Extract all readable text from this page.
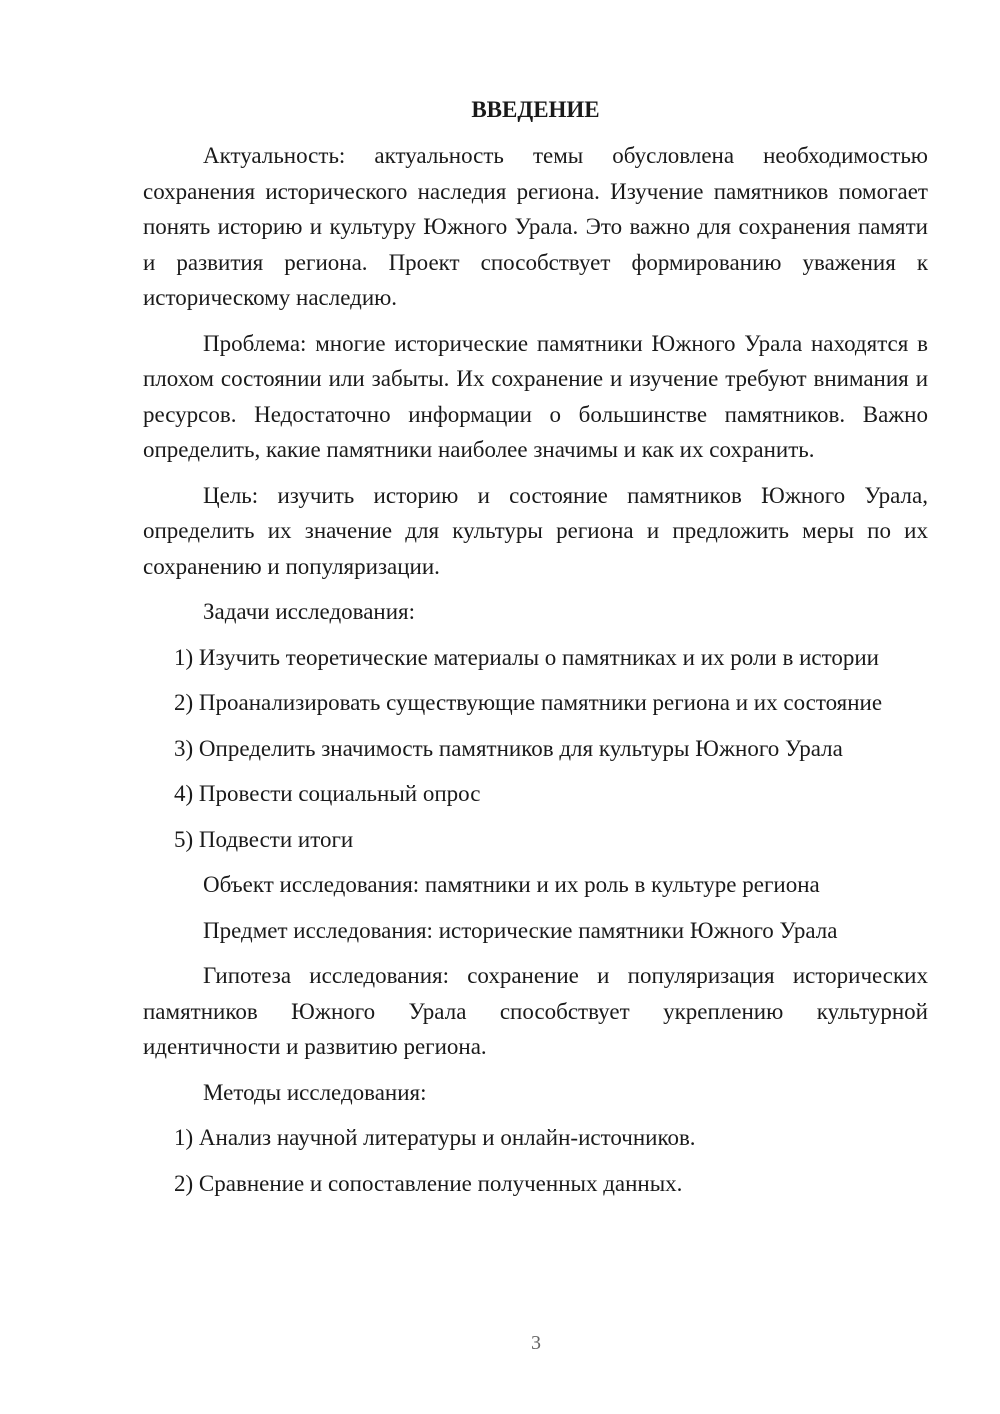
ВВЕДЕНИЕ

Актуальность: актуальность темы обусловлена необходимостью сохранения исторического наследия региона. Изучение памятников помогает понять историю и культуру Южного Урала. Это важно для сохранения памяти и развития региона. Проект способствует формированию уважения к историческому наследию.

Проблема: многие исторические памятники Южного Урала находятся в плохом состоянии или забыты. Их сохранение и изучение требуют внимания и ресурсов. Недостаточно информации о большинстве памятников. Важно определить, какие памятники наиболее значимы и как их сохранить.

Цель: изучить историю и состояние памятников Южного Урала, определить их значение для культуры региона и предложить меры по их сохранению и популяризации.

Задачи исследования:

1) Изучить теоретические материалы о памятниках и их роли в истории

2) Проанализировать существующие памятники региона и их состояние

3) Определить значимость памятников для культуры Южного Урала

4) Провести социальный опрос

5) Подвести итоги

Объект исследования: памятники и их роль в культуре региона

Предмет исследования: исторические памятники Южного Урала

Гипотеза исследования: сохранение и популяризация исторических памятников Южного Урала способствует укреплению культурной идентичности и развитию региона.

Методы исследования:

1) Анализ научной литературы и онлайн-источников.

2) Сравнение и сопоставление полученных данных.

3
